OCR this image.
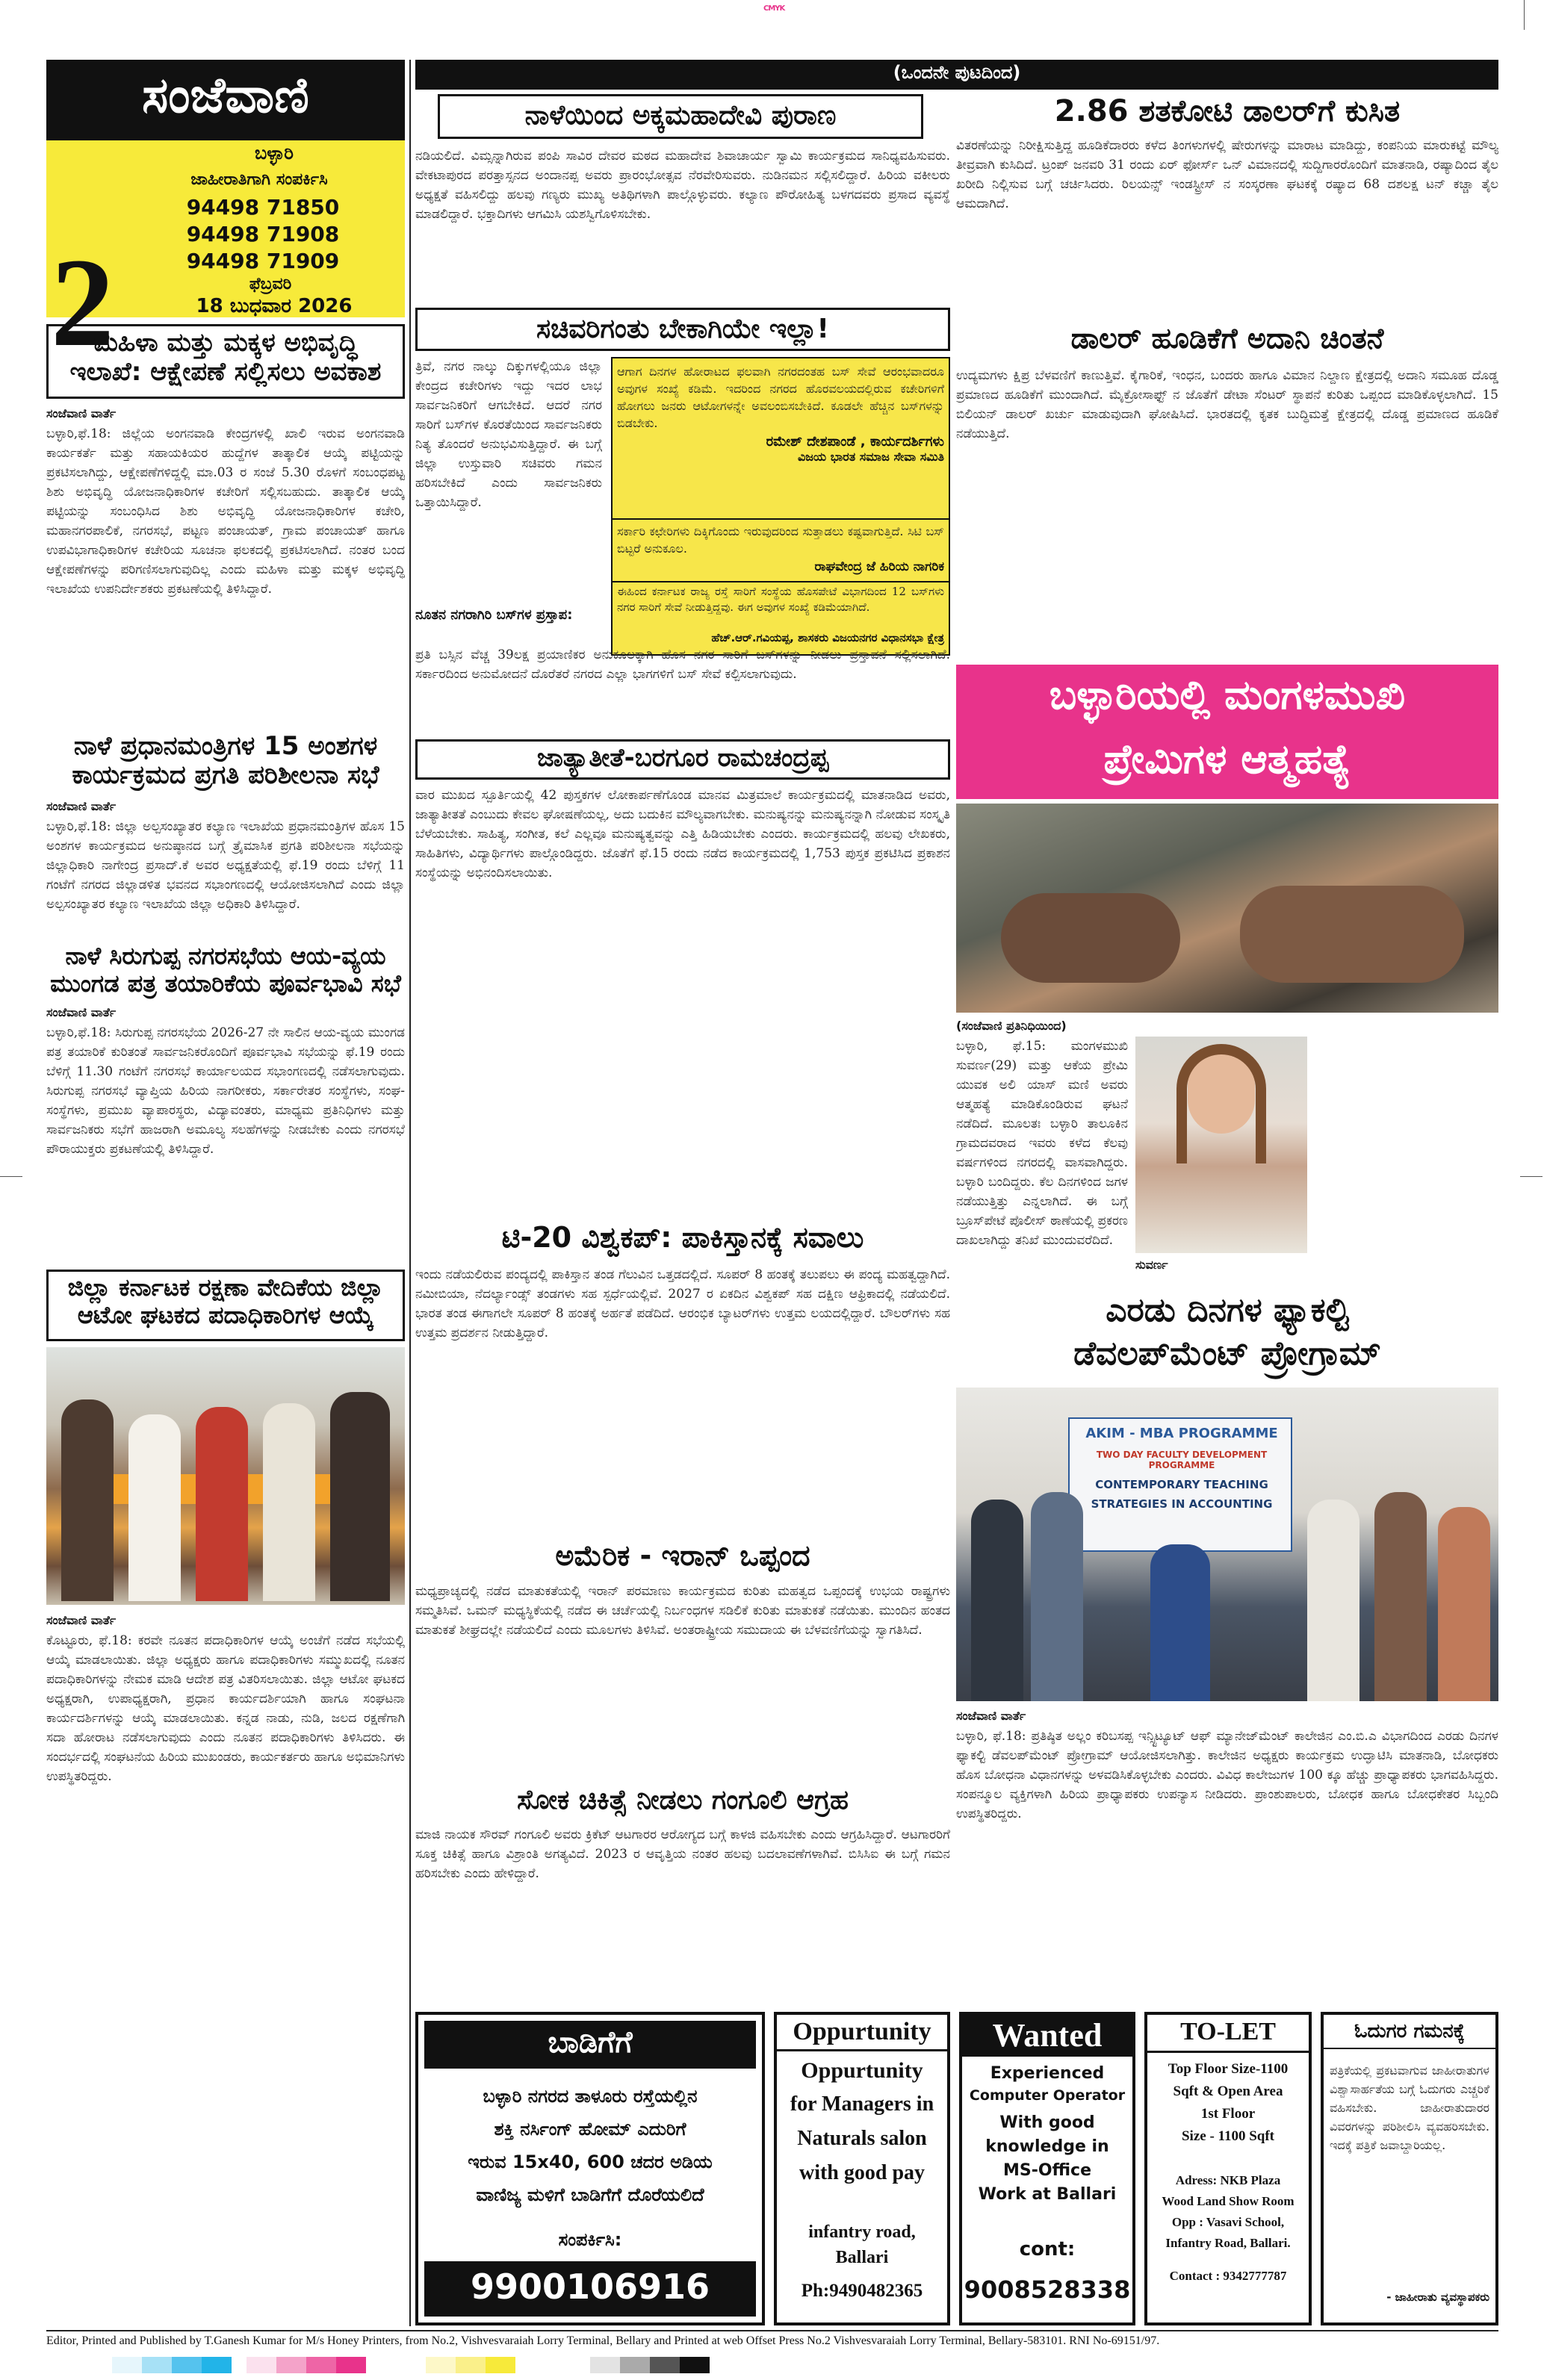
CMYK
ಸಂಜೆವಾಣಿ
ಬಳ್ಳಾರಿ
ಜಾಹೀರಾತಿಗಾಗಿ ಸಂಪರ್ಕಿಸಿ
94498 71850
94498 71908
94498 71909
ಫೆಬ್ರವರಿ
18 ಬುಧವಾರ 2026
2
ಮಹಿಳಾ ಮತ್ತು ಮಕ್ಕಳ ಅಭಿವೃದ್ಧಿ ಇಲಾಖೆ: ಆಕ್ಷೇಪಣೆ ಸಲ್ಲಿಸಲು ಅವಕಾಶ
ಸಂಜೆವಾಣಿ ವಾರ್ತೆ
ಬಳ್ಳಾರಿ,ಫೆ.18: ಜಿಲ್ಲೆಯ ಅಂಗನವಾಡಿ ಕೇಂದ್ರಗಳಲ್ಲಿ ಖಾಲಿ ಇರುವ ಅಂಗನವಾಡಿ ಕಾರ್ಯಕರ್ತೆ ಮತ್ತು ಸಹಾಯಕಿಯರ ಹುದ್ದೆಗಳ ತಾತ್ಕಾಲಿಕ ಆಯ್ಕೆ ಪಟ್ಟಿಯನ್ನು ಪ್ರಕಟಿಸಲಾಗಿದ್ದು, ಆಕ್ಷೇಪಣೆಗಳಿದ್ದಲ್ಲಿ ಮಾ.03 ರ ಸಂಜೆ 5.30 ರೊಳಗೆ ಸಂಬಂಧಪಟ್ಟ ಶಿಶು ಅಭಿವೃದ್ಧಿ ಯೋಜನಾಧಿಕಾರಿಗಳ ಕಚೇರಿಗೆ ಸಲ್ಲಿಸಬಹುದು. ತಾತ್ಕಾಲಿಕ ಆಯ್ಕೆ ಪಟ್ಟಿಯನ್ನು ಸಂಬಂಧಿಸಿದ ಶಿಶು ಅಭಿವೃದ್ಧಿ ಯೋಜನಾಧಿಕಾರಿಗಳ ಕಚೇರಿ, ಮಹಾನಗರಪಾಲಿಕೆ, ನಗರಸಭೆ, ಪಟ್ಟಣ ಪಂಚಾಯತ್, ಗ್ರಾಮ ಪಂಚಾಯತ್ ಹಾಗೂ ಉಪವಿಭಾಗಾಧಿಕಾರಿಗಳ ಕಚೇರಿಯ ಸೂಚನಾ ಫಲಕದಲ್ಲಿ ಪ್ರಕಟಿಸಲಾಗಿದೆ. ನಂತರ ಬಂದ ಆಕ್ಷೇಪಣೆಗಳನ್ನು ಪರಿಗಣಿಸಲಾಗುವುದಿಲ್ಲ ಎಂದು ಮಹಿಳಾ ಮತ್ತು ಮಕ್ಕಳ ಅಭಿವೃದ್ಧಿ ಇಲಾಖೆಯ ಉಪನಿರ್ದೇಶಕರು ಪ್ರಕಟಣೆಯಲ್ಲಿ ತಿಳಿಸಿದ್ದಾರೆ.
ನಾಳೆ ಪ್ರಧಾನಮಂತ್ರಿಗಳ 15 ಅಂಶಗಳ ಕಾರ್ಯಕ್ರಮದ ಪ್ರಗತಿ ಪರಿಶೀಲನಾ ಸಭೆ
ಸಂಜೆವಾಣಿ ವಾರ್ತೆ
ಬಳ್ಳಾರಿ,ಫೆ.18: ಜಿಲ್ಲಾ ಅಲ್ಪಸಂಖ್ಯಾತರ ಕಲ್ಯಾಣ ಇಲಾಖೆಯ ಪ್ರಧಾನಮಂತ್ರಿಗಳ ಹೊಸ 15 ಅಂಶಗಳ ಕಾರ್ಯಕ್ರಮದ ಅನುಷ್ಠಾನದ ಬಗ್ಗೆ ತ್ರೈಮಾಸಿಕ ಪ್ರಗತಿ ಪರಿಶೀಲನಾ ಸಭೆಯನ್ನು ಜಿಲ್ಲಾಧಿಕಾರಿ ನಾಗೇಂದ್ರ ಪ್ರಸಾದ್.ಕೆ ಅವರ ಅಧ್ಯಕ್ಷತೆಯಲ್ಲಿ ಫೆ.19 ರಂದು ಬೆಳಿಗ್ಗೆ 11 ಗಂಟೆಗೆ ನಗರದ ಜಿಲ್ಲಾಡಳಿತ ಭವನದ ಸಭಾಂಗಣದಲ್ಲಿ ಆಯೋಜಿಸಲಾಗಿದೆ ಎಂದು ಜಿಲ್ಲಾ ಅಲ್ಪಸಂಖ್ಯಾತರ ಕಲ್ಯಾಣ ಇಲಾಖೆಯ ಜಿಲ್ಲಾ ಅಧಿಕಾರಿ ತಿಳಿಸಿದ್ದಾರೆ.
ನಾಳೆ ಸಿರುಗುಪ್ಪ ನಗರಸಭೆಯ ಆಯ-ವ್ಯಯ ಮುಂಗಡ ಪತ್ರ ತಯಾರಿಕೆಯ ಪೂರ್ವಭಾವಿ ಸಭೆ
ಸಂಜೆವಾಣಿ ವಾರ್ತೆ
ಬಳ್ಳಾರಿ,ಫೆ.18: ಸಿರುಗುಪ್ಪ ನಗರಸಭೆಯ 2026-27 ನೇ ಸಾಲಿನ ಆಯ-ವ್ಯಯ ಮುಂಗಡ ಪತ್ರ ತಯಾರಿಕೆ ಕುರಿತಂತೆ ಸಾರ್ವಜನಿಕರೊಂದಿಗೆ ಪೂರ್ವಭಾವಿ ಸಭೆಯನ್ನು ಫೆ.19 ರಂದು ಬೆಳಿಗ್ಗೆ 11.30 ಗಂಟೆಗೆ ನಗರಸಭೆ ಕಾರ್ಯಾಲಯದ ಸಭಾಂಗಣದಲ್ಲಿ ನಡೆಸಲಾಗುವುದು. ಸಿರುಗುಪ್ಪ ನಗರಸಭೆ ವ್ಯಾಪ್ತಿಯ ಹಿರಿಯ ನಾಗರೀಕರು, ಸರ್ಕಾರೇತರ ಸಂಸ್ಥೆಗಳು, ಸಂಘ-ಸಂಸ್ಥೆಗಳು, ಪ್ರಮುಖ ವ್ಯಾಪಾರಸ್ಥರು, ವಿದ್ಯಾವಂತರು, ಮಾಧ್ಯಮ ಪ್ರತಿನಿಧಿಗಳು ಮತ್ತು ಸಾರ್ವಜನಿಕರು ಸಭೆಗೆ ಹಾಜರಾಗಿ ಅಮೂಲ್ಯ ಸಲಹೆಗಳನ್ನು ನೀಡಬೇಕು ಎಂದು ನಗರಸಭೆ ಪೌರಾಯುಕ್ತರು ಪ್ರಕಟಣೆಯಲ್ಲಿ ತಿಳಿಸಿದ್ದಾರೆ.
ಜಿಲ್ಲಾ ಕರ್ನಾಟಕ ರಕ್ಷಣಾ ವೇದಿಕೆಯ ಜಿಲ್ಲಾ ಆಟೋ ಘಟಕದ ಪದಾಧಿಕಾರಿಗಳ ಆಯ್ಕೆ
ಸಂಜೆವಾಣಿ ವಾರ್ತೆ
ಕೊಟ್ಟೂರು, ಫೆ.18: ಕರವೇ ನೂತನ ಪದಾಧಿಕಾರಿಗಳ ಆಯ್ಕೆ ಅಂಚೆಗೆ ನಡೆದ ಸಭೆಯಲ್ಲಿ ಆಯ್ಕೆ ಮಾಡಲಾಯಿತು. ಜಿಲ್ಲಾ ಅಧ್ಯಕ್ಷರು ಹಾಗೂ ಪದಾಧಿಕಾರಿಗಳು ಸಮ್ಮುಖದಲ್ಲಿ ನೂತನ ಪದಾಧಿಕಾರಿಗಳನ್ನು ನೇಮಕ ಮಾಡಿ ಆದೇಶ ಪತ್ರ ವಿತರಿಸಲಾಯಿತು. ಜಿಲ್ಲಾ ಆಟೋ ಘಟಕದ ಅಧ್ಯಕ್ಷರಾಗಿ, ಉಪಾಧ್ಯಕ್ಷರಾಗಿ, ಪ್ರಧಾನ ಕಾರ್ಯದರ್ಶಿಯಾಗಿ ಹಾಗೂ ಸಂಘಟನಾ ಕಾರ್ಯದರ್ಶಿಗಳನ್ನು ಆಯ್ಕೆ ಮಾಡಲಾಯಿತು. ಕನ್ನಡ ನಾಡು, ನುಡಿ, ಜಲದ ರಕ್ಷಣೆಗಾಗಿ ಸದಾ ಹೋರಾಟ ನಡೆಸಲಾಗುವುದು ಎಂದು ನೂತನ ಪದಾಧಿಕಾರಿಗಳು ತಿಳಿಸಿದರು. ಈ ಸಂದರ್ಭದಲ್ಲಿ ಸಂಘಟನೆಯ ಹಿರಿಯ ಮುಖಂಡರು, ಕಾರ್ಯಕರ್ತರು ಹಾಗೂ ಅಭಿಮಾನಿಗಳು ಉಪಸ್ಥಿತರಿದ್ದರು.
(ಒಂದನೇ ಪುಟದಿಂದ)
ನಾಳೆಯಿಂದ ಅಕ್ಕಮಹಾದೇವಿ ಪುರಾಣ
ನಡಿಯಲಿದೆ. ವಿಮ್ಸನ್ನಾಗಿರುವ ಪಂಪಿ ಸಾವಿರ ದೇವರ ಮಠದ ಮಹಾದೇವ ಶಿವಾಚಾರ್ಯ ಸ್ವಾಮಿ ಕಾರ್ಯಕ್ರಮದ ಸಾನಿಧ್ಯವಹಿಸುವರು. ವೇಕಟಾಪುರದ ಪರತ್ತಾಸ್ಸನದ ಅಂದಾನಪ್ಪ ಅವರು ಪ್ರಾರಂಭೋತ್ಸವ ನೆರವೇರಿಸುವರು. ನುಡಿನಮನ ಸಲ್ಲಿಸಲಿದ್ದಾರೆ. ಹಿರಿಯ ವಕೀಲರು ಅಧ್ಯಕ್ಷತೆ ವಹಿಸಲಿದ್ದು ಹಲವು ಗಣ್ಯರು ಮುಖ್ಯ ಅತಿಥಿಗಳಾಗಿ ಪಾಲ್ಗೊಳ್ಳುವರು. ಕಲ್ಯಾಣ ಪೌರೋಹಿತ್ಯ ಬಳಗದವರು ಪ್ರಸಾದ ವ್ಯವಸ್ಥೆ ಮಾಡಲಿದ್ದಾರೆ. ಭಕ್ತಾದಿಗಳು ಆಗಮಿಸಿ ಯಶಸ್ವಿಗೊಳಿಸಬೇಕು.
ಸಚಿವರಿಗಂತು ಬೇಕಾಗಿಯೇ ಇಲ್ಲಾ!
ತ್ರಿವೆ, ನಗರ ನಾಲ್ಕು ದಿಕ್ಕುಗಳಲ್ಲಿಯೂ ಜಿಲ್ಲಾ ಕೇಂದ್ರದ ಕಚೇರಿಗಳು ಇದ್ದು ಇದರ ಲಾಭ ಸಾರ್ವಜನಿಕರಿಗೆ ಆಗಬೇಕಿದೆ. ಆದರೆ ನಗರ ಸಾರಿಗೆ ಬಸ್‌ಗಳ ಕೊರತೆಯಿಂದ ಸಾರ್ವಜನಿಕರು ನಿತ್ಯ ತೊಂದರೆ ಅನುಭವಿಸುತ್ತಿದ್ದಾರೆ. ಈ ಬಗ್ಗೆ ಜಿಲ್ಲಾ ಉಸ್ತುವಾರಿ ಸಚಿವರು ಗಮನ ಹರಿಸಬೇಕಿದೆ ಎಂದು ಸಾರ್ವಜನಿಕರು ಒತ್ತಾಯಿಸಿದ್ದಾರೆ.
ಆಗಾಗ ದಿನಗಳ ಹೋರಾಟದ ಫಲವಾಗಿ ನಗರದಂತಹ ಬಸ್ ಸೇವೆ ಆರಂಭವಾದರೂ ಅವುಗಳ ಸಂಖ್ಯೆ ಕಡಿಮೆ. ಇದರಿಂದ ನಗರದ ಹೊರವಲಯದಲ್ಲಿರುವ ಕಚೇರಿಗಳಿಗೆ ಹೋಗಲು ಜನರು ಆಟೋಗಳನ್ನೇ ಅವಲಂಬಿಸಬೇಕಿದೆ. ಕೂಡಲೇ ಹೆಚ್ಚಿನ ಬಸ್‌ಗಳನ್ನು ಬಿಡಬೇಕು.
ರಮೇಶ್ ದೇಶಪಾಂಡೆ , ಕಾರ್ಯದರ್ಶಿಗಳು
ವಿಜಯ ಭಾರತ ಸಮಾಜ ಸೇವಾ ಸಮಿತಿ
ಸರ್ಕಾರಿ ಕಛೇರಿಗಳು ದಿಕ್ಕಿಗೊಂದು ಇರುವುದರಿಂದ ಸುತ್ತಾಡಲು ಕಷ್ಟವಾಗುತ್ತಿದೆ. ಸಿಟಿ ಬಸ್ ಬಿಟ್ಟರೆ ಅನುಕೂಲ.
ರಾಘವೇಂದ್ರ ಜೆ ಹಿರಿಯ ನಾಗರಿಕ
ಈಹಿಂದ ಕರ್ನಾಟಕ ರಾಜ್ಯ ರಸ್ತೆ ಸಾರಿಗೆ ಸಂಸ್ಥೆಯ ಹೊಸಪೇಟೆ ವಿಭಾಗದಿಂದ 12 ಬಸ್‌ಗಳು ನಗರ ಸಾರಿಗೆ ಸೇವೆ ನೀಡುತ್ತಿದ್ದವು. ಈಗ ಅವುಗಳ ಸಂಖ್ಯೆ ಕಡಿಮೆಯಾಗಿದೆ.
ಹೆಚ್.ಆರ್.ಗವಿಯಪ್ಪ, ಶಾಸಕರು ವಿಜಯನಗರ ವಿಧಾನಸಭಾ ಕ್ಷೇತ್ರ
ನೂತನ ನಗರಾಗಿರಿ ಬಸ್‌ಗಳ ಪ್ರಸ್ತಾಪ:
ಪ್ರತಿ ಬಸ್ಸಿನ ವೆಚ್ಚ 39ಲಕ್ಷ ಪ್ರಯಾಣಿಕರ ಅನುಕೂಲಕ್ಕಾಗಿ ಹೊಸ ನಗರ ಸಾರಿಗೆ ಬಸ್‌ಗಳನ್ನು ನೀಡಲು ಪ್ರಸ್ತಾವನೆ ಸಲ್ಲಿಸಲಾಗಿದೆ. ಸರ್ಕಾರದಿಂದ ಅನುಮೋದನೆ ದೊರೆತರೆ ನಗರದ ಎಲ್ಲಾ ಭಾಗಗಳಿಗೆ ಬಸ್ ಸೇವೆ ಕಲ್ಪಿಸಲಾಗುವುದು.
ಜಾತ್ಯಾತೀತೆ-ಬರಗೂರ ರಾಮಚಂದ್ರಪ್ಪ
ವಾರ ಮುಖದ ಸ್ಪೂರ್ತಿಯಲ್ಲಿ 42 ಪುಸ್ತಕಗಳ ಲೋಕಾರ್ಪಣೆಗೊಂಡ ಮಾನವ ಮಿತ್ರಮಾಲೆ ಕಾರ್ಯಕ್ರಮದಲ್ಲಿ ಮಾತನಾಡಿದ ಅವರು, ಜಾತ್ಯಾತೀತತೆ ಎಂಬುದು ಕೇವಲ ಘೋಷಣೆಯಲ್ಲ, ಅದು ಬದುಕಿನ ಮೌಲ್ಯವಾಗಬೇಕು. ಮನುಷ್ಯನನ್ನು ಮನುಷ್ಯನನ್ನಾಗಿ ನೋಡುವ ಸಂಸ್ಕೃತಿ ಬೆಳೆಯಬೇಕು. ಸಾಹಿತ್ಯ, ಸಂಗೀತ, ಕಲೆ ಎಲ್ಲವೂ ಮನುಷ್ಯತ್ವವನ್ನು ಎತ್ತಿ ಹಿಡಿಯಬೇಕು ಎಂದರು. ಕಾರ್ಯಕ್ರಮದಲ್ಲಿ ಹಲವು ಲೇಖಕರು, ಸಾಹಿತಿಗಳು, ವಿದ್ಯಾರ್ಥಿಗಳು ಪಾಲ್ಗೊಂಡಿದ್ದರು. ಜೊತೆಗೆ ಫೆ.15 ರಂದು ನಡೆದ ಕಾರ್ಯಕ್ರಮದಲ್ಲಿ 1,753 ಪುಸ್ತಕ ಪ್ರಕಟಿಸಿದ ಪ್ರಕಾಶನ ಸಂಸ್ಥೆಯನ್ನು ಅಭಿನಂದಿಸಲಾಯಿತು.
ಟಿ-20 ವಿಶ್ವಕಪ್: ಪಾಕಿಸ್ತಾನಕ್ಕೆ ಸವಾಲು
ಇಂದು ನಡೆಯಲಿರುವ ಪಂದ್ಯದಲ್ಲಿ ಪಾಕಿಸ್ತಾನ ತಂಡ ಗೆಲುವಿನ ಒತ್ತಡದಲ್ಲಿದೆ. ಸೂಪರ್ 8 ಹಂತಕ್ಕೆ ತಲುಪಲು ಈ ಪಂದ್ಯ ಮಹತ್ವದ್ದಾಗಿದೆ. ನಮೀಬಿಯಾ, ನೆದರ್ಲ್ಯಾಂಡ್ಸ್ ತಂಡಗಳು ಸಹ ಸ್ಪರ್ಧೆಯಲ್ಲಿವೆ. 2027 ರ ಏಕದಿನ ವಿಶ್ವಕಪ್ ಸಹ ದಕ್ಷಿಣ ಆಫ್ರಿಕಾದಲ್ಲಿ ನಡೆಯಲಿದೆ. ಭಾರತ ತಂಡ ಈಗಾಗಲೇ ಸೂಪರ್ 8 ಹಂತಕ್ಕೆ ಅರ್ಹತೆ ಪಡೆದಿದೆ. ಆರಂಭಿಕ ಬ್ಯಾಟರ್‌ಗಳು ಉತ್ತಮ ಲಯದಲ್ಲಿದ್ದಾರೆ. ಬೌಲರ್‌ಗಳು ಸಹ ಉತ್ತಮ ಪ್ರದರ್ಶನ ನೀಡುತ್ತಿದ್ದಾರೆ.
ಅಮೆರಿಕ - ಇರಾನ್ ಒಪ್ಪಂದ
ಮಧ್ಯಪ್ರಾಚ್ಯದಲ್ಲಿ ನಡೆದ ಮಾತುಕತೆಯಲ್ಲಿ ಇರಾನ್ ಪರಮಾಣು ಕಾರ್ಯಕ್ರಮದ ಕುರಿತು ಮಹತ್ವದ ಒಪ್ಪಂದಕ್ಕೆ ಉಭಯ ರಾಷ್ಟ್ರಗಳು ಸಮ್ಮತಿಸಿವೆ. ಒಮನ್ ಮಧ್ಯಸ್ಥಿಕೆಯಲ್ಲಿ ನಡೆದ ಈ ಚರ್ಚೆಯಲ್ಲಿ ನಿರ್ಬಂಧಗಳ ಸಡಿಲಿಕೆ ಕುರಿತು ಮಾತುಕತೆ ನಡೆಯಿತು. ಮುಂದಿನ ಹಂತದ ಮಾತುಕತೆ ಶೀಘ್ರದಲ್ಲೇ ನಡೆಯಲಿದೆ ಎಂದು ಮೂಲಗಳು ತಿಳಿಸಿವೆ. ಅಂತರಾಷ್ಟ್ರೀಯ ಸಮುದಾಯ ಈ ಬೆಳವಣಿಗೆಯನ್ನು ಸ್ವಾಗತಿಸಿದೆ.
ಸೋಕ ಚಿಕಿತ್ಸೆ ನೀಡಲು ಗಂಗೂಲಿ ಆಗ್ರಹ
ಮಾಜಿ ನಾಯಕ ಸೌರವ್ ಗಂಗೂಲಿ ಅವರು ಕ್ರಿಕೆಟ್ ಆಟಗಾರರ ಆರೋಗ್ಯದ ಬಗ್ಗೆ ಕಾಳಜಿ ವಹಿಸಬೇಕು ಎಂದು ಆಗ್ರಹಿಸಿದ್ದಾರೆ. ಆಟಗಾರರಿಗೆ ಸೂಕ್ತ ಚಿಕಿತ್ಸೆ ಹಾಗೂ ವಿಶ್ರಾಂತಿ ಅಗತ್ಯವಿದೆ. 2023 ರ ಆವೃತ್ತಿಯ ನಂತರ ಹಲವು ಬದಲಾವಣೆಗಳಾಗಿವೆ. ಬಿಸಿಸಿಐ ಈ ಬಗ್ಗೆ ಗಮನ ಹರಿಸಬೇಕು ಎಂದು ಹೇಳಿದ್ದಾರೆ.
2.86 ಶತಕೋಟಿ ಡಾಲರ್‌ಗೆ ಕುಸಿತ
ವಿತರಣೆಯನ್ನು ನಿರೀಕ್ಷಿಸುತ್ತಿದ್ದ ಹೂಡಿಕೆದಾರರು ಕಳೆದ ತಿಂಗಳುಗಳಲ್ಲಿ ಷೇರುಗಳನ್ನು ಮಾರಾಟ ಮಾಡಿದ್ದು, ಕಂಪನಿಯ ಮಾರುಕಟ್ಟೆ ಮೌಲ್ಯ ತೀವ್ರವಾಗಿ ಕುಸಿದಿದೆ. ಟ್ರಂಪ್ ಜನವರಿ 31 ರಂದು ಏರ್ ಫೋರ್ಸ್ ಒನ್ ವಿಮಾನದಲ್ಲಿ ಸುದ್ದಿಗಾರರೊಂದಿಗೆ ಮಾತನಾಡಿ, ರಷ್ಯಾದಿಂದ ತೈಲ ಖರೀದಿ ನಿಲ್ಲಿಸುವ ಬಗ್ಗೆ ಚರ್ಚಿಸಿದರು. ರಿಲಯನ್ಸ್ ಇಂಡಸ್ಟ್ರೀಸ್ ನ ಸಂಸ್ಕರಣಾ ಘಟಕಕ್ಕೆ ರಷ್ಯಾದ 68 ದಶಲಕ್ಷ ಟನ್ ಕಚ್ಚಾ ತೈಲ ಆಮದಾಗಿದೆ.
ಡಾಲರ್ ಹೂಡಿಕೆಗೆ ಅದಾನಿ ಚಿಂತನೆ
ಉದ್ಯಮಗಳು ಕ್ಷಿಪ್ರ ಬೆಳವಣಿಗೆ ಕಾಣುತ್ತಿವೆ. ಕೈಗಾರಿಕೆ, ಇಂಧನ, ಬಂದರು ಹಾಗೂ ವಿಮಾನ ನಿಲ್ದಾಣ ಕ್ಷೇತ್ರದಲ್ಲಿ ಅದಾನಿ ಸಮೂಹ ದೊಡ್ಡ ಪ್ರಮಾಣದ ಹೂಡಿಕೆಗೆ ಮುಂದಾಗಿದೆ. ಮೈಕ್ರೋಸಾಫ್ಟ್ ನ ಜೊತೆಗೆ ಡೇಟಾ ಸೆಂಟರ್ ಸ್ಥಾಪನೆ ಕುರಿತು ಒಪ್ಪಂದ ಮಾಡಿಕೊಳ್ಳಲಾಗಿದೆ. 15 ಬಿಲಿಯನ್ ಡಾಲರ್ ಖರ್ಚು ಮಾಡುವುದಾಗಿ ಘೋಷಿಸಿದೆ. ಭಾರತದಲ್ಲಿ ಕೃತಕ ಬುದ್ಧಿಮತ್ತೆ ಕ್ಷೇತ್ರದಲ್ಲಿ ದೊಡ್ಡ ಪ್ರಮಾಣದ ಹೂಡಿಕೆ ನಡೆಯುತ್ತಿದೆ.
ಬಳ್ಳಾರಿಯಲ್ಲಿ ಮಂಗಳಮುಖಿ
ಪ್ರೇಮಿಗಳ ಆತ್ಮಹತ್ಯೆ
(ಸಂಜೆವಾಣಿ ಪ್ರತಿನಿಧಿಯಿಂದ)
ಬಳ್ಳಾರಿ, ಫೆ.15: ಮಂಗಳಮುಖಿ ಸುವರ್ಣ(29) ಮತ್ತು ಆಕೆಯ ಪ್ರೇಮಿ ಯುವಕ ಅಲಿ ಯಾಸ್ ಮಣಿ ಅವರು ಆತ್ಮಹತ್ಯೆ ಮಾಡಿಕೊಂಡಿರುವ ಘಟನೆ ನಡೆದಿದೆ. ಮೂಲತಃ ಬಳ್ಳಾರಿ ತಾಲೂಕಿನ ಗ್ರಾಮದವರಾದ ಇವರು ಕಳೆದ ಕೆಲವು ವರ್ಷಗಳಿಂದ ನಗರದಲ್ಲಿ ವಾಸವಾಗಿದ್ದರು. ಬಳ್ಳಾರಿ ಬಂದಿದ್ದರು. ಕೆಲ ದಿನಗಳಿಂದ ಜಗಳ ನಡೆಯುತ್ತಿತ್ತು ಎನ್ನಲಾಗಿದೆ. ಈ ಬಗ್ಗೆ ಬ್ರೂಸ್‌ಪೇಟೆ ಪೊಲೀಸ್ ಠಾಣೆಯಲ್ಲಿ ಪ್ರಕರಣ ದಾಖಲಾಗಿದ್ದು ತನಿಖೆ ಮುಂದುವರೆದಿದೆ.
ಸುವರ್ಣ
ಎರಡು ದಿನಗಳ ಫ್ಯಾಕಲ್ಟಿ
ಡೆವಲಪ್‌ಮೆಂಟ್ ಪ್ರೋಗ್ರಾಮ್
AKIM - MBA PROGRAMME
TWO DAY FACULTY DEVELOPMENT PROGRAMME
CONTEMPORARY TEACHING
STRATEGIES IN ACCOUNTING
ಸಂಜೆವಾಣಿ ವಾರ್ತೆ
ಬಳ್ಳಾರಿ, ಫೆ.18: ಪ್ರತಿಷ್ಠಿತ ಅಲ್ಲಂ ಕರಿಬಸಪ್ಪ ಇನ್ಸ್ಟಿಟ್ಯೂಟ್ ಆಫ್ ಮ್ಯಾನೇಜ್‌ಮೆಂಟ್ ಕಾಲೇಜಿನ ಎಂ.ಬಿ.ಎ ವಿಭಾಗದಿಂದ ಎರಡು ದಿನಗಳ ಫ್ಯಾಕಲ್ಟಿ ಡೆವಲಪ್‌ಮೆಂಟ್ ಪ್ರೋಗ್ರಾಮ್ ಆಯೋಜಿಸಲಾಗಿತ್ತು. ಕಾಲೇಜಿನ ಅಧ್ಯಕ್ಷರು ಕಾರ್ಯಕ್ರಮ ಉದ್ಘಾಟಿಸಿ ಮಾತನಾಡಿ, ಬೋಧಕರು ಹೊಸ ಬೋಧನಾ ವಿಧಾನಗಳನ್ನು ಅಳವಡಿಸಿಕೊಳ್ಳಬೇಕು ಎಂದರು. ವಿವಿಧ ಕಾಲೇಜುಗಳ 100 ಕ್ಕೂ ಹೆಚ್ಚು ಪ್ರಾಧ್ಯಾಪಕರು ಭಾಗವಹಿಸಿದ್ದರು. ಸಂಪನ್ಮೂಲ ವ್ಯಕ್ತಿಗಳಾಗಿ ಹಿರಿಯ ಪ್ರಾಧ್ಯಾಪಕರು ಉಪನ್ಯಾಸ ನೀಡಿದರು. ಪ್ರಾಂಶುಪಾಲರು, ಬೋಧಕ ಹಾಗೂ ಬೋಧಕೇತರ ಸಿಬ್ಬಂದಿ ಉಪಸ್ಥಿತರಿದ್ದರು.
ಬಾಡಿಗೆಗೆ
ಬಳ್ಳಾರಿ ನಗರದ ತಾಳೂರು ರಸ್ತೆಯಲ್ಲಿನ
ಶಕ್ತಿ ನರ್ಸಿಂಗ್ ಹೋಮ್ ಎದುರಿಗೆ
ಇರುವ 15x40, 600 ಚದರ ಅಡಿಯ
ವಾಣಿಜ್ಯ ಮಳಿಗೆ ಬಾಡಿಗೆಗೆ ದೊರೆಯಲಿದೆ
ಸಂಪರ್ಕಿಸಿ:
9900106916
Oppurtunity
Oppurtunity
for Managers in
Naturals salon
with good pay
infantry road,
Ballari
Ph:9490482365
Wanted
Experienced
Computer Operator
With good
knowledge in
MS-Office
Work at Ballari
cont:
9008528338
TO-LET
Top Floor Size-1100
Sqft & Open Area
1st Floor
Size - 1100 Sqft
Adress: NKB Plaza
Wood Land Show Room
Opp : Vasavi School,
Infantry Road, Ballari.
Contact : 9342777787
ಓದುಗರ ಗಮನಕ್ಕೆ
ಪತ್ರಿಕೆಯಲ್ಲಿ ಪ್ರಕಟವಾಗುವ ಜಾಹೀರಾತುಗಳ ವಿಶ್ವಾಸಾರ್ಹತೆಯ ಬಗ್ಗೆ ಓದುಗರು ಎಚ್ಚರಿಕೆ ವಹಿಸಬೇಕು. ಜಾಹೀರಾತುದಾರರ ವಿವರಗಳನ್ನು ಪರಿಶೀಲಿಸಿ ವ್ಯವಹರಿಸಬೇಕು. ಇದಕ್ಕೆ ಪತ್ರಿಕೆ ಜವಾಬ್ದಾರಿಯಲ್ಲ.
- ಜಾಹೀರಾತು ವ್ಯವಸ್ಥಾಪಕರು
Editor, Printed and Published by T.Ganesh Kumar for M/s Honey Printers, from No.2, Vishvesvaraiah Lorry Terminal, Bellary and Printed at web Offset Press No.2 Vishvesvaraiah Lorry Terminal, Bellary-583101. RNI No-69151/97.
